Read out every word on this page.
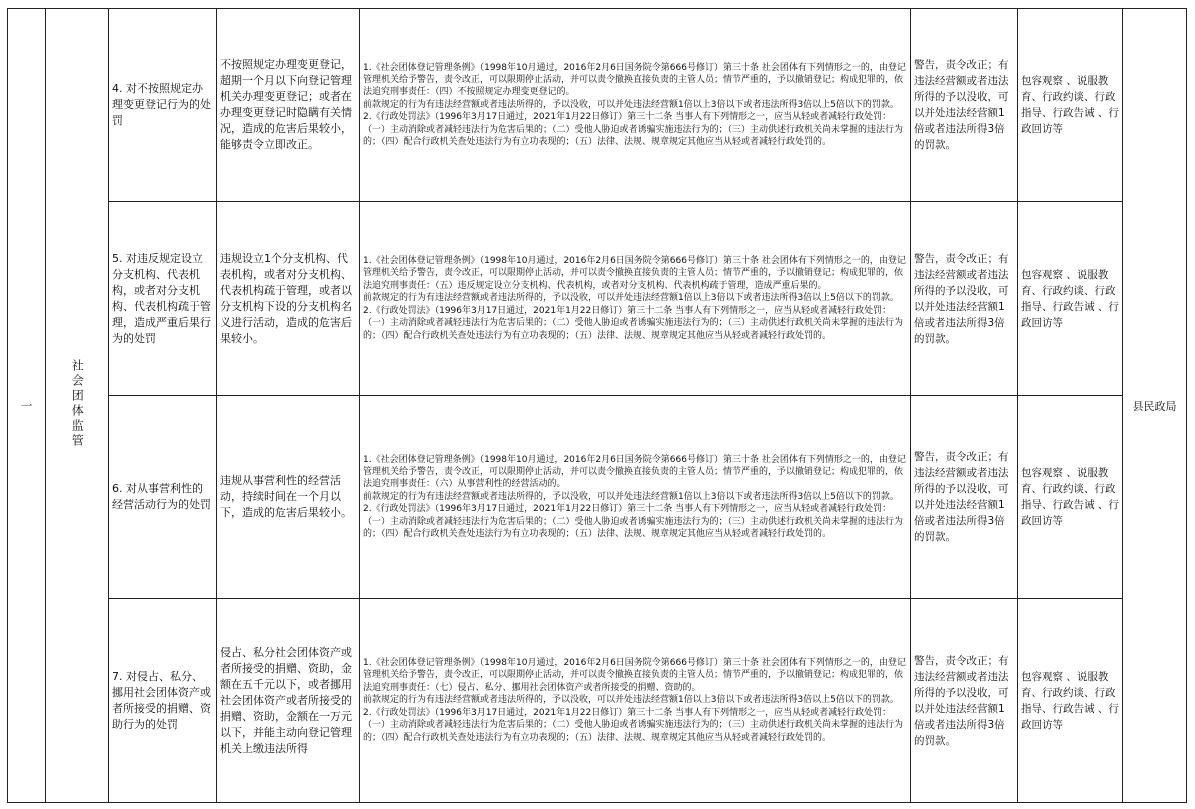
一	社会团体监管	4. 对不按照规定办理变更登记行为的处罚	不按照规定办理变更登记，超期一个月以下向登记管理机关办理变更登记；或者在办理变更登记时隐瞒有关情况，造成的危害后果较小，能够责令立即改正。	1.《社会团体登记管理条例》（1998年10月通过，2016年2月6日国务院令第666号修订）第三十条 社会团体有下列情形之一的，由登记管理机关给予警告，责令改正，可以限期停止活动，并可以责令撤换直接负责的主管人员；情节严重的，予以撤销登记；构成犯罪的，依法追究刑事责任：（四）不按照规定办理变更登记的。
前款规定的行为有违法经营额或者违法所得的，予以没收，可以并处违法经营额1倍以上3倍以下或者违法所得3倍以上5倍以下的罚款。
2.《行政处罚法》（1996年3月17日通过，2021年1月22日修订）第三十二条 当事人有下列情形之一，应当从轻或者减轻行政处罚：（一）主动消除或者减轻违法行为危害后果的；（二）受他人胁迫或者诱骗实施违法行为的；（三）主动供述行政机关尚未掌握的违法行为的；（四）配合行政机关查处违法行为有立功表现的；（五）法律、法规、规章规定其他应当从轻或者减轻行政处罚的。	警告，责令改正；有违法经营额或者违法所得的予以没收，可以并处违法经营额1倍或者违法所得3倍的罚款。	包容观察 、说服教育、行政约谈、行政指导、行政告诫 、行政回访等	县民政局
		5. 对违反规定设立分支机构、代表机构，或者对分支机构、代表机构疏于管理，造成严重后果行为的处罚	违规设立1个分支机构、代表机构，或者对分支机构、代表机构疏于管理，或者以分支机构下设的分支机构名义进行活动，造成的危害后果较小。	1.《社会团体登记管理条例》（1998年10月通过，2016年2月6日国务院令第666号修订）第三十条 社会团体有下列情形之一的，由登记管理机关给予警告，责令改正，可以限期停止活动，并可以责令撤换直接负责的主管人员；情节严重的，予以撤销登记；构成犯罪的，依法追究刑事责任：（五）违反规定设立分支机构、代表机构，或者对分支机构、代表机构疏于管理，造成严重后果的。
前款规定的行为有违法经营额或者违法所得的，予以没收，可以并处违法经营额1倍以上3倍以下或者违法所得3倍以上5倍以下的罚款。
2.《行政处罚法》（1996年3月17日通过，2021年1月22日修订）第三十二条 当事人有下列情形之一，应当从轻或者减轻行政处罚：（一）主动消除或者减轻违法行为危害后果的；（二）受他人胁迫或者诱骗实施违法行为的；（三）主动供述行政机关尚未掌握的违法行为的；（四）配合行政机关查处违法行为有立功表现的；（五）法律、法规、规章规定其他应当从轻或者减轻行政处罚的。	警告，责令改正；有违法经营额或者违法所得的予以没收，可以并处违法经营额1倍或者违法所得3倍的罚款。	包容观察 、说服教育、行政约谈、行政指导、行政告诫 、行政回访等	
		6. 对从事营利性的经营活动行为的处罚	违规从事营利性的经营活动，持续时间在一个月以下，造成的危害后果较小。	1.《社会团体登记管理条例》（1998年10月通过，2016年2月6日国务院令第666号修订）第三十条 社会团体有下列情形之一的，由登记管理机关给予警告，责令改正，可以限期停止活动，并可以责令撤换直接负责的主管人员；情节严重的，予以撤销登记；构成犯罪的，依法追究刑事责任：（六）从事营利性的经营活动的。
前款规定的行为有违法经营额或者违法所得的，予以没收，可以并处违法经营额1倍以上3倍以下或者违法所得3倍以上5倍以下的罚款。
2.《行政处罚法》（1996年3月17日通过，2021年1月22日修订）第三十二条 当事人有下列情形之一，应当从轻或者减轻行政处罚：（一）主动消除或者减轻违法行为危害后果的；（二）受他人胁迫或者诱骗实施违法行为的；（三）主动供述行政机关尚未掌握的违法行为的；（四）配合行政机关查处违法行为有立功表现的；（五）法律、法规、规章规定其他应当从轻或者减轻行政处罚的。	警告，责令改正；有违法经营额或者违法所得的予以没收，可以并处违法经营额1倍或者违法所得3倍的罚款。	包容观察 、说服教育、行政约谈、行政指导、行政告诫 、行政回访等	
		7. 对侵占、私分、挪用社会团体资产或者所接受的捐赠、资助行为的处罚	侵占、私分社会团体资产或者所接受的捐赠、资助，金额在五千元以下，或者挪用社会团体资产或者所接受的捐赠、资助，金额在一万元以下，并能主动向登记管理机关上缴违法所得	1.《社会团体登记管理条例》（1998年10月通过，2016年2月6日国务院令第666号修订）第三十条 社会团体有下列情形之一的，由登记管理机关给予警告，责令改正，可以限期停止活动，并可以责令撤换直接负责的主管人员；情节严重的，予以撤销登记；构成犯罪的，依法追究刑事责任：（七）侵占、私分、挪用社会团体资产或者所接受的捐赠、资助的。
前款规定的行为有违法经营额或者违法所得的，予以没收，可以并处违法经营额1倍以上3倍以下或者违法所得3倍以上5倍以下的罚款。
2.《行政处罚法》（1996年3月17日通过，2021年1月22日修订）第三十二条 当事人有下列情形之一，应当从轻或者减轻行政处罚：（一）主动消除或者减轻违法行为危害后果的；（二）受他人胁迫或者诱骗实施违法行为的；（三）主动供述行政机关尚未掌握的违法行为的；（四）配合行政机关查处违法行为有立功表现的；（五）法律、法规、规章规定其他应当从轻或者减轻行政处罚的。	警告，责令改正；有违法经营额或者违法所得的予以没收，可以并处违法经营额1倍或者违法所得3倍的罚款。	包容观察 、说服教育、行政约谈、行政指导、行政告诫 、行政回访等	
